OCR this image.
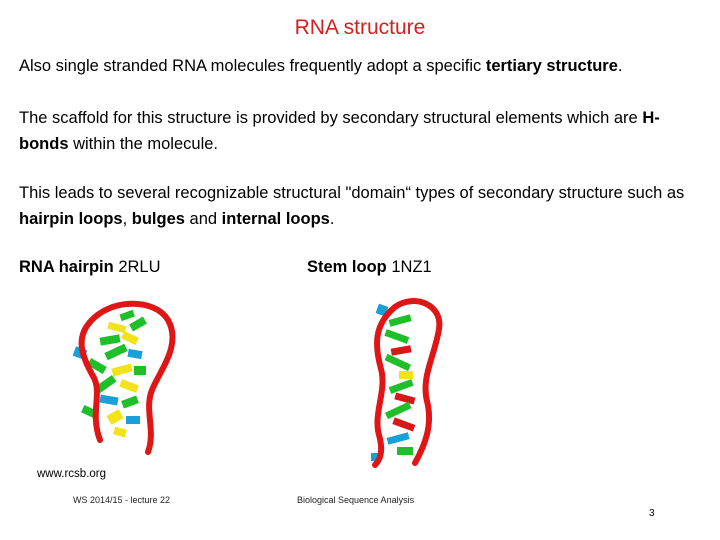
RNA structure
Also single stranded RNA molecules frequently adopt a specific tertiary structure.
The scaffold for this structure is provided by secondary structural elements which are H-bonds within the molecule.
This leads to several recognizable structural "domain“ types of secondary structure such as hairpin loops, bulges and internal loops.
RNA hairpin 2RLU	Stem loop 1NZ1
www.rcsb.org
WS 2014/15 - lecture 22	Biological Sequence Analysis
3
